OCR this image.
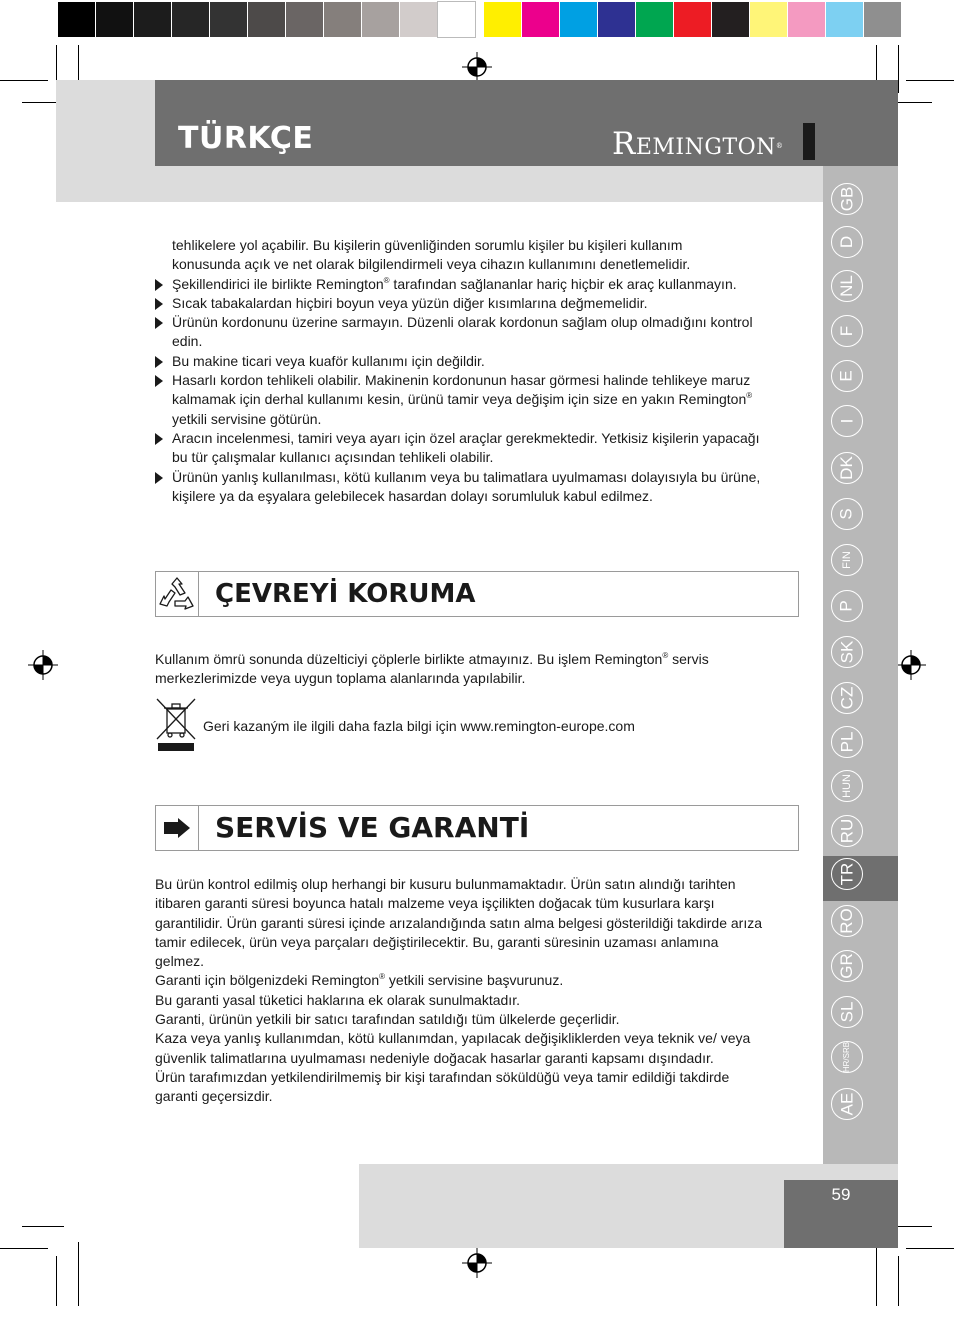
TÜRKÇE	REMINGTON®
GB
D
NL
F
E
I
DK
S
FIN
P
SK
CZ
PL
HUN
RU
TR
RO
GR
SL
HR/SRB
AE
tehlikelere yol açabilir. Bu kişilerin güvenliğinden sorumlu kişiler bu kişileri kullanım
konusunda açık ve net olarak bilgilendirmeli veya cihazın kullanımını denetlemelidir.
Şekillendirici ile birlikte Remington® tarafından sağlananlar hariç hiçbir ek araç kullanmayın.
Sıcak tabakalardan hiçbiri boyun veya yüzün diğer kısımlarına değmemelidir.
Ürünün kordonunu üzerine sarmayın. Düzenli olarak kordonun sağlam olup olmadığını kontrol edin.
Bu makine ticari veya kuaför kullanımı için değildir.
Hasarlı kordon tehlikeli olabilir. Makinenin kordonunun hasar görmesi halinde tehlikeye maruz kalmamak için derhal kullanımı kesin, ürünü tamir veya değişim için size en yakın Remington® yetkili servisine götürün.
Aracın incelenmesi, tamiri veya ayarı için özel araçlar gerekmektedir. Yetkisiz kişilerin yapacağı bu tür çalışmalar kullanıcı açısından tehlikeli olabilir.
Ürünün yanlış kullanılması, kötü kullanım veya bu talimatlara uyulmaması dolayısıyla bu ürüne, kişilere ya da eşyalara gelebilecek hasardan dolayı sorumluluk kabul edilmez.
ÇEVREYİ KORUMA
Kullanım ömrü sonunda düzelticiyi çöplerle birlikte atmayınız. Bu işlem Remington® servis merkezlerimizde veya uygun toplama alanlarında yapılabilir.
Geri kazaným ile ilgili daha fazla bilgi için www.remington-europe.com
SERVİS VE GARANTİ
Bu ürün kontrol edilmiş olup herhangi bir kusuru bulunmamaktadır. Ürün satın alındığı tarihten itibaren garanti süresi boyunca hatalı malzeme veya işçilikten doğacak tüm kusurlara karşı garantilidir. Ürün garanti süresi içinde arızalandığında satın alma belgesi gösterildiği takdirde arıza tamir edilecek, ürün veya parçaları değiştirilecektir. Bu, garanti süresinin uzaması anlamına gelmez.
Garanti için bölgenizdeki Remington® yetkili servisine başvurunuz.
Bu garanti yasal tüketici haklarına ek olarak sunulmaktadır.
Garanti, ürünün yetkili bir satıcı tarafından satıldığı tüm ülkelerde geçerlidir.
Kaza veya yanlış kullanımdan, kötü kullanımdan, yapılacak değişikliklerden veya teknik ve/ veya güvenlik talimatlarına uyulmaması nedeniyle doğacak hasarlar garanti kapsamı dışındadır.
Ürün tarafımızdan yetkilendirilmemiş bir kişi tarafından söküldüğü veya tamir edildiği takdirde garanti geçersizdir.
59
